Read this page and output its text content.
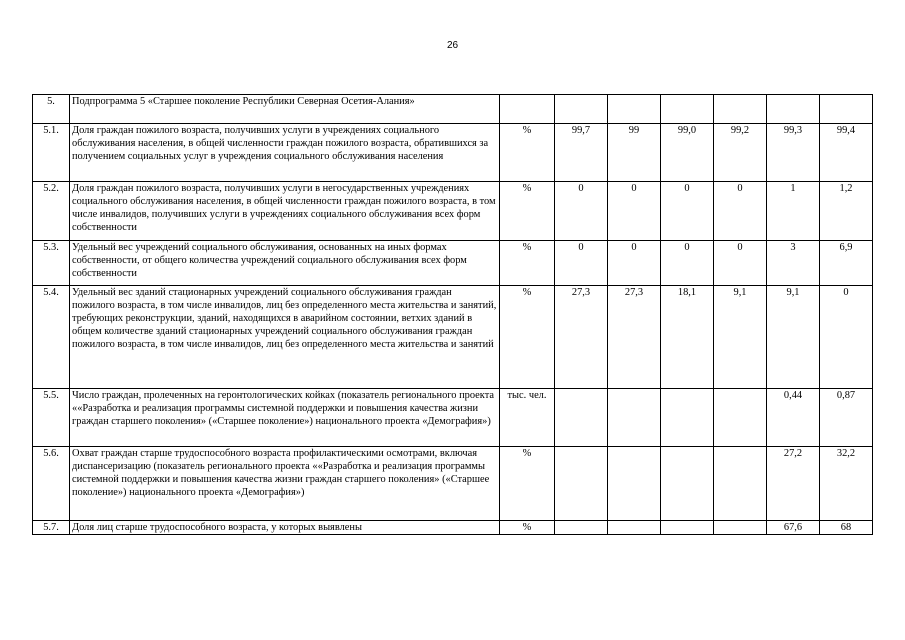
26
5.	Подпрограмма 5 «Старшее поколение Республики Северная Осетия-Алания»							
5.1.	Доля граждан пожилого возраста, получивших услуги в учреждениях социального обслуживания населения, в общей численности граждан пожилого возраста, обратившихся за получением социальных услуг в учреждения социального обслуживания населения	%	99,7	99	99,0	99,2	99,3	99,4
5.2.	Доля граждан пожилого возраста, получивших услуги в негосударственных учреждениях социального обслуживания населения, в общей численности граждан пожилого возраста, в том числе инвалидов, получивших услуги в учреждениях социального обслуживания всех форм собственности	%	0	0	0	0	1	1,2
5.3.	Удельный вес учреждений социального обслуживания, основанных на иных формах собственности, от общего количества учреждений социального обслуживания всех форм собственности	%	0	0	0	0	3	6,9
5.4.	Удельный вес зданий стационарных учреждений социального обслуживания граждан пожилого возраста, в том числе инвалидов, лиц без определенного места жительства и занятий, требующих реконструкции, зданий, находящихся в аварийном состоянии, ветхих зданий в общем количестве зданий стационарных учреждений социального обслуживания граждан пожилого возраста, в том числе инвалидов, лиц без определенного места жительства и занятий	%	27,3	27,3	18,1	9,1	9,1	0
5.5.	Число граждан, пролеченных на геронтологических койках (показатель регионального проекта ««Разработка и реализация программы системной поддержки и повышения качества жизни граждан старшего поколения» («Старшее поколение») национального проекта «Демография»)	тыс. чел.					0,44	0,87
5.6.	Охват граждан старше трудоспособного возраста профилактическими осмотрами, включая диспансеризацию (показатель регионального проекта ««Разработка и реализация программы системной поддержки и повышения качества жизни граждан старшего поколения» («Старшее поколение») национального проекта «Демография»)	%					27,2	32,2
5.7.	Доля лиц старше трудоспособного возраста, у которых выявлены	%					67,6	68
